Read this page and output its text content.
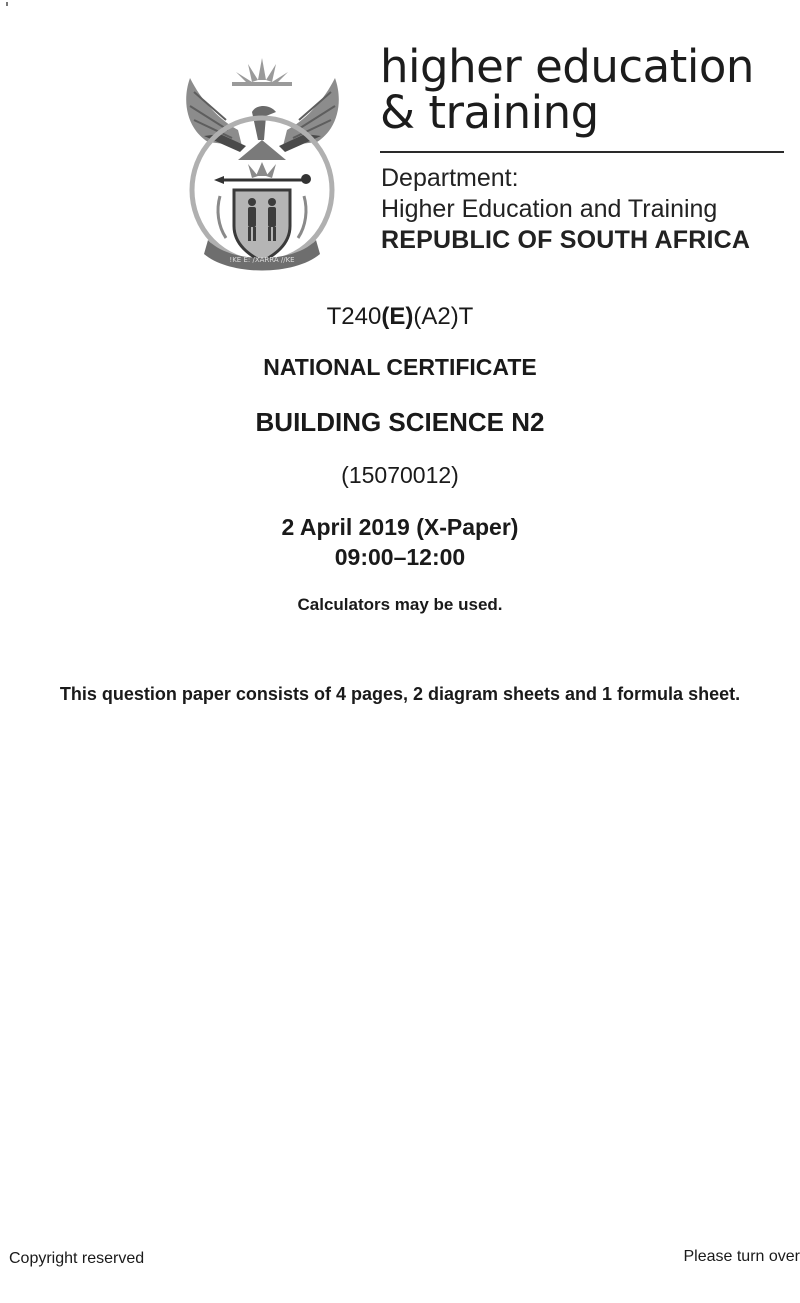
!KE E: /XARRA //KE
higher education
& training
Department:
Higher Education and Training
REPUBLIC OF SOUTH AFRICA
T240(E)(A2)T
NATIONAL CERTIFICATE
BUILDING SCIENCE N2
(15070012)
2 April 2019 (X-Paper)
09:00–12:00
Calculators may be used.
This question paper consists of 4 pages, 2 diagram sheets and 1 formula sheet.
Copyright reserved	Please turn over
